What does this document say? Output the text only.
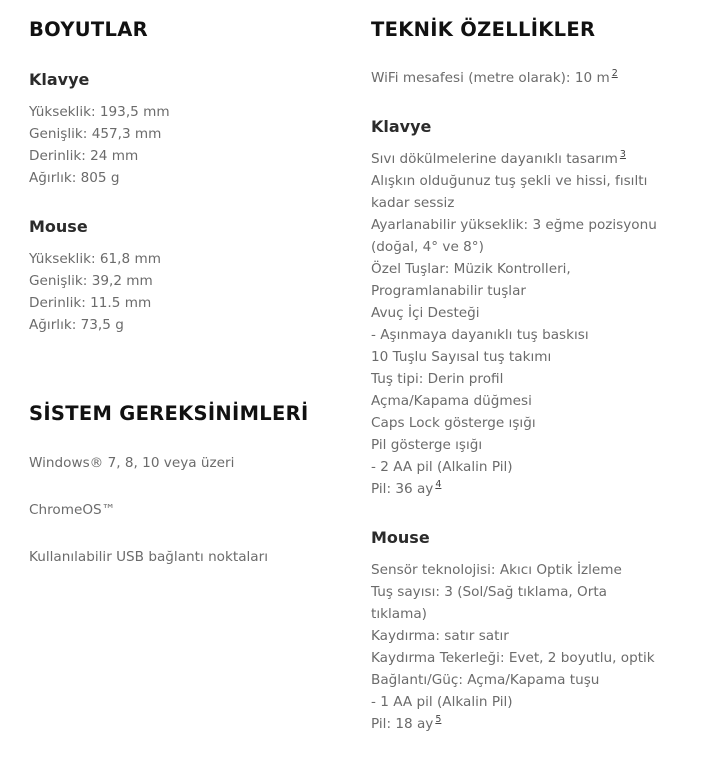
BOYUTLAR
Klavye
Yükseklik: 193,5 mm
Genişlik: 457,3 mm
Derinlik: 24 mm
Ağırlık: 805 g
Mouse
Yükseklik: 61,8 mm
Genişlik: 39,2 mm
Derinlik: 11.5 mm
Ağırlık: 73,5 g
SİSTEM GEREKSİNİMLERİ

Windows® 7, 8, 10 veya üzeri

ChromeOS™

Kullanılabilir USB bağlantı noktaları

TEKNİK ÖZELLİKLER

WiFi mesafesi (metre olarak): 10 m $^2$

Klavye
Sıvı dökülmelerine dayanıklı tasarım $^3$
Alışkın olduğunuz tuş şekli ve hissi, fısıltı kadar sessiz
Ayarlanabilir yükseklik: 3 eğme pozisyonu (doğal, 4° ve 8°)
Özel Tuşlar: Müzik Kontrolleri, Programlanabilir tuşlar
Avuç İçi Desteği
- Aşınmaya dayanıklı tuş baskısı
10 Tuşlu Sayısal tuş takımı
Tuş tipi: Derin profil
Açma/Kapama düğmesi
Caps Lock gösterge ışığı
Pil gösterge ışığı
- 2 AA pil (Alkalin Pil)
Pil: 36 ay $^4$
Mouse
Sensör teknolojisi: Akıcı Optik İzleme
Tuş sayısı: 3 (Sol/Sağ tıklama, Orta tıklama)
Kaydırma: satır satır
Kaydırma Tekerleği: Evet, 2 boyutlu, optik
Bağlantı/Güç: Açma/Kapama tuşu
- 1 AA pil (Alkalin Pil)
Pil: 18 ay $^5$
